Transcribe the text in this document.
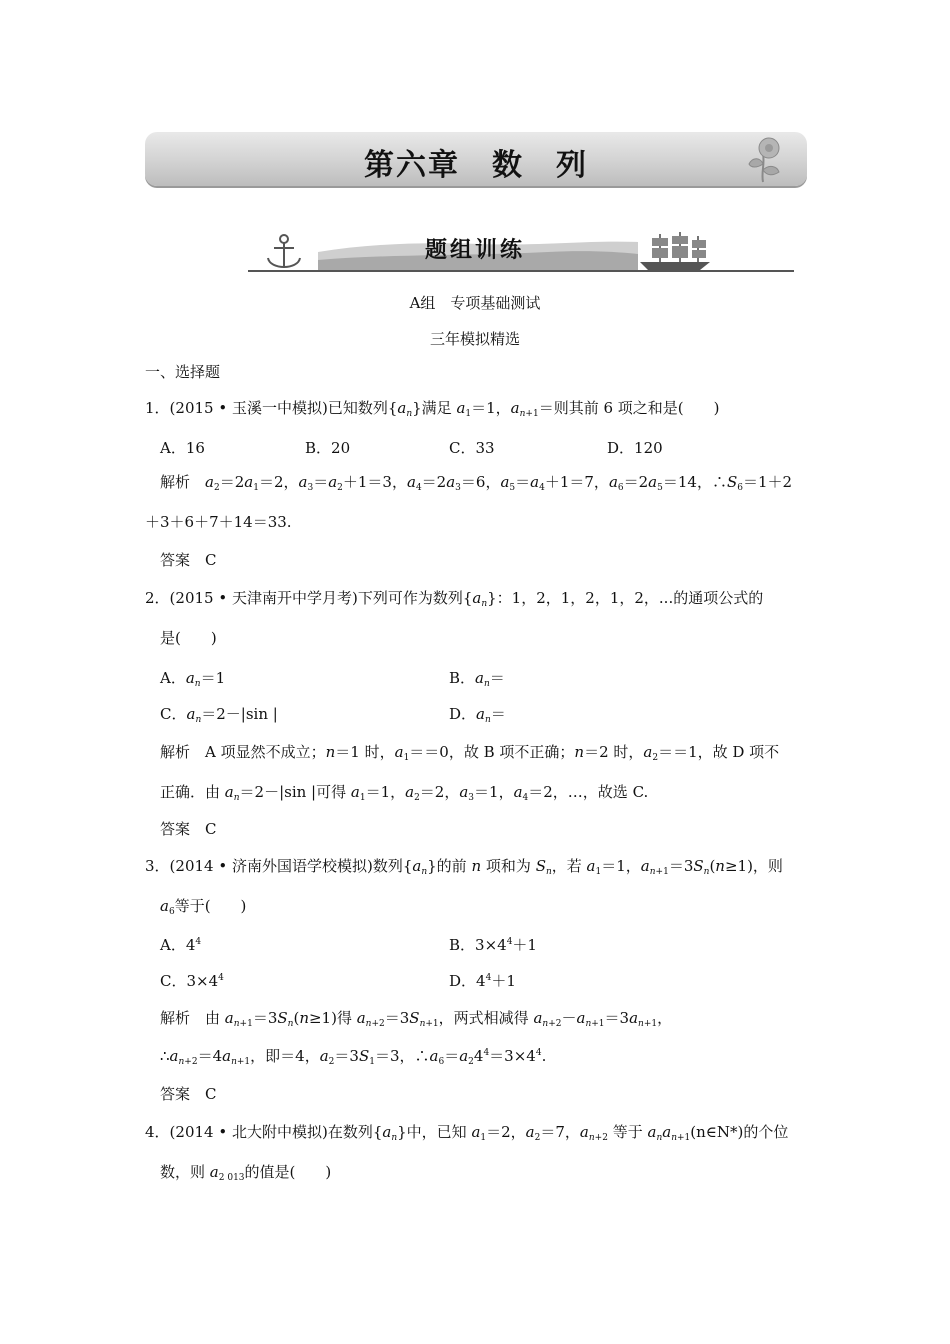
第六章　数　列
题组训练
A组　专项基础测试
三年模拟精选
一、选择题
1．(2015 • 玉溪一中模拟)已知数列$\{a_n\}$满足 $a_1=1$，$a_{n+1}=$则其前 6 项之和是(　　)
A．16	B．20	C．33	D．120
解析　 $a_2=2a_1=2$，$a_3=a_2+1=3$，$a_4=2a_3=6$，$a_5=a_4+1=7$，$a_6=2a_5=14$，$\therefore S_6=1+2$
＋3＋6＋7＋14＝33.
答案　 C
2．(2015 • 天津南开中学月考)下列可作为数列$\{a_n\}$：1，2，1，2，1，2，...的通项公式的
是(　　)
A．$a_n=1$	B．$a_n=$
C．$a_n=2-|\sin$ |	D．$a_n=$
解析　A 项显然不成立；n＝1 时，$a_1==0$，故 B 项不正确；n＝2 时，$a_2==1$，故 D 项不
正确．由 $a_n=2-|\sin$ |可得 $a_1=1$，$a_2=2$，$a_3=1$，$a_4=2$，…，故选 C.
答案　 C
3．(2014 • 济南外国语学校模拟)数列$\{a_n\}$的前 n 项和为 $S_n$，若 $a_1=1$，$a_{n+1}=3S_n(n\ge 1)$，则
$a_6$等于(　　)
A．$4^4$	B．$3\times 4^4+1$
C．$3\times 4^4$	D．$4^4+1$
解析　由 $a_{n+1}=3S_n(n\ge 1)$得 $a_{n+2}=3S_{n+1}$，两式相减得 $a_{n+2}-a_{n+1}=3a_{n+1}$，
$\therefore a_{n+2}=4a_{n+1}$，即＝4，$a_2=3S_1=3$，$\therefore a_6=a_24^4=3\times 4^4$.
答案　 C
4．(2014 • 北大附中模拟)在数列$\{a_n\}$中，已知 $a_1=2$，$a_2=7$，$a_{n+2}$ 等于 $a_na_{n+1}(n\in N*)$的个位
数，则 $a_{2 013}$的值是(　　)
